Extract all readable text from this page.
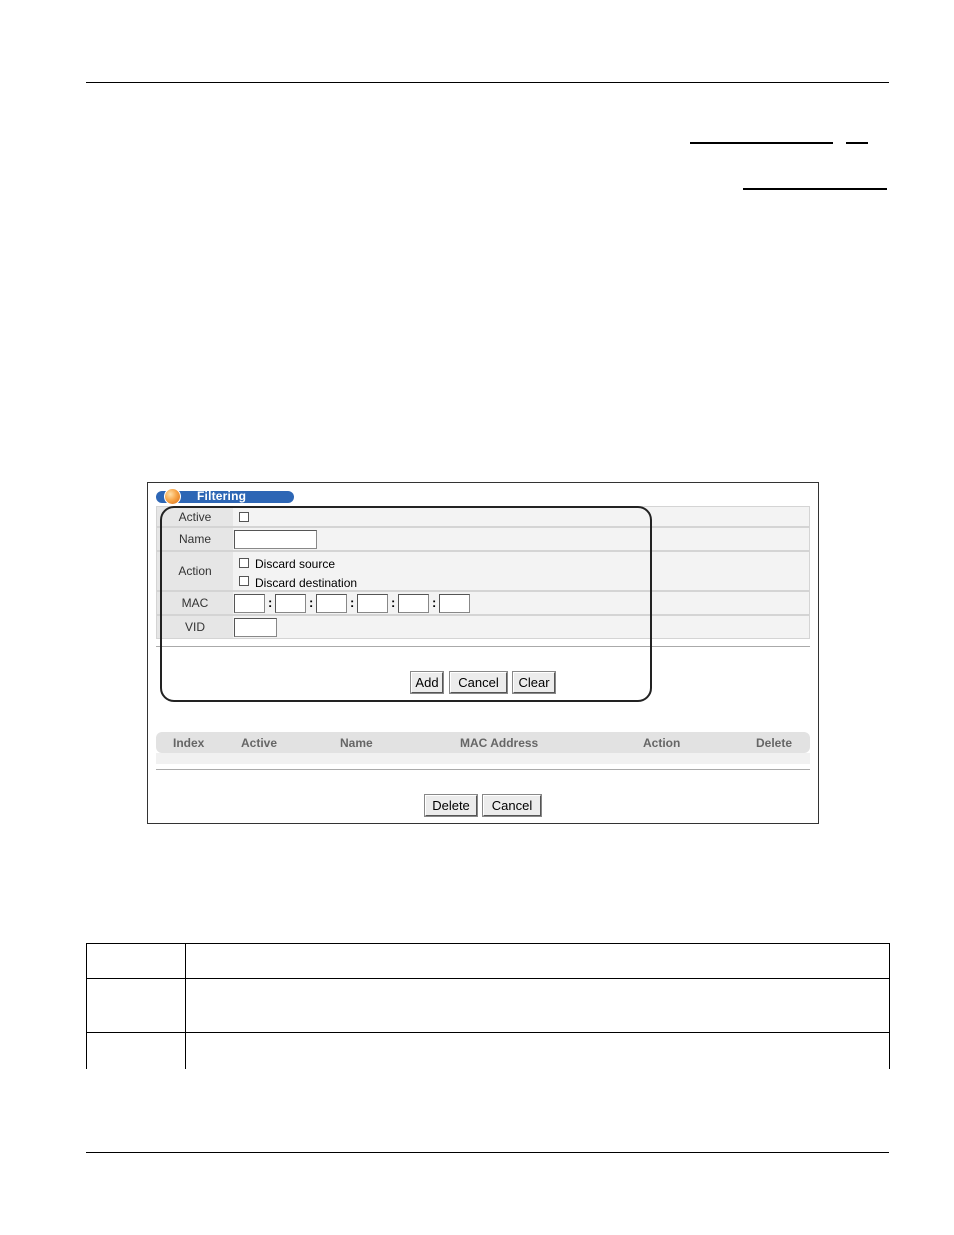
Filtering
Active
Name
Action	Discard source
Discard destination
MAC	:	:	:	:	:
VID
Add	Cancel	Clear
Index	Active	Name	MAC Address	Action	Delete
Delete	Cancel
